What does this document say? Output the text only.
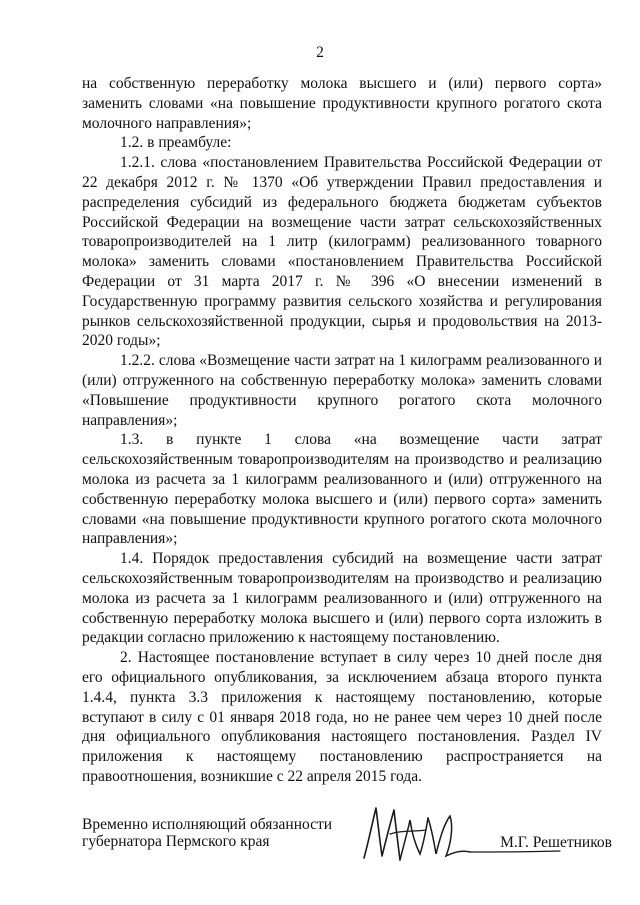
2

на собственную переработку молока высшего и (или) первого сорта» заменить словами «на повышение продуктивности крупного рогатого скота молочного направления»;

1.2. в преамбуле:

1.2.1. слова «постановлением Правительства Российской Федерации от 22 декабря 2012 г. № 1370 «Об утверждении Правил предоставления и распределения субсидий из федерального бюджета бюджетам субъектов Российской Федерации на возмещение части затрат сельскохозяйственных товаропроизводителей на 1 литр (килограмм) реализованного товарного молока» заменить словами «постановлением Правительства Российской Федерации от 31 марта 2017 г. № 396 «О внесении изменений в Государственную программу развития сельского хозяйства и регулирования рынков сельскохозяйственной продукции, сырья и продовольствия на 2013-2020 годы»;

1.2.2. слова «Возмещение части затрат на 1 килограмм реализованного и (или) отгруженного на собственную переработку молока» заменить словами «Повышение продуктивности крупного рогатого скота молочного направления»;

1.3. в пункте 1 слова «на возмещение части затрат сельскохозяйственным товаропроизводителям на производство и реализацию молока из расчета за 1 килограмм реализованного и (или) отгруженного на собственную переработку молока высшего и (или) первого сорта» заменить словами «на повышение продуктивности крупного рогатого скота молочного направления»;

1.4. Порядок предоставления субсидий на возмещение части затрат сельскохозяйственным товаропроизводителям на производство и реализацию молока из расчета за 1 килограмм реализованного и (или) отгруженного на собственную переработку молока высшего и (или) первого сорта изложить в редакции согласно приложению к настоящему постановлению.

2. Настоящее постановление вступает в силу через 10 дней после дня его официального опубликования, за исключением абзаца второго пункта 1.4.4, пункта 3.3 приложения к настоящему постановлению, которые вступают в силу с 01 января 2018 года, но не ранее чем через 10 дней после дня официального опубликования настоящего постановления. Раздел IV приложения к настоящему постановлению распространяется на правоотношения, возникшие с 22 апреля 2015 года.

Временно исполняющий обязанности
губернатора Пермского края	М.Г. Решетников
